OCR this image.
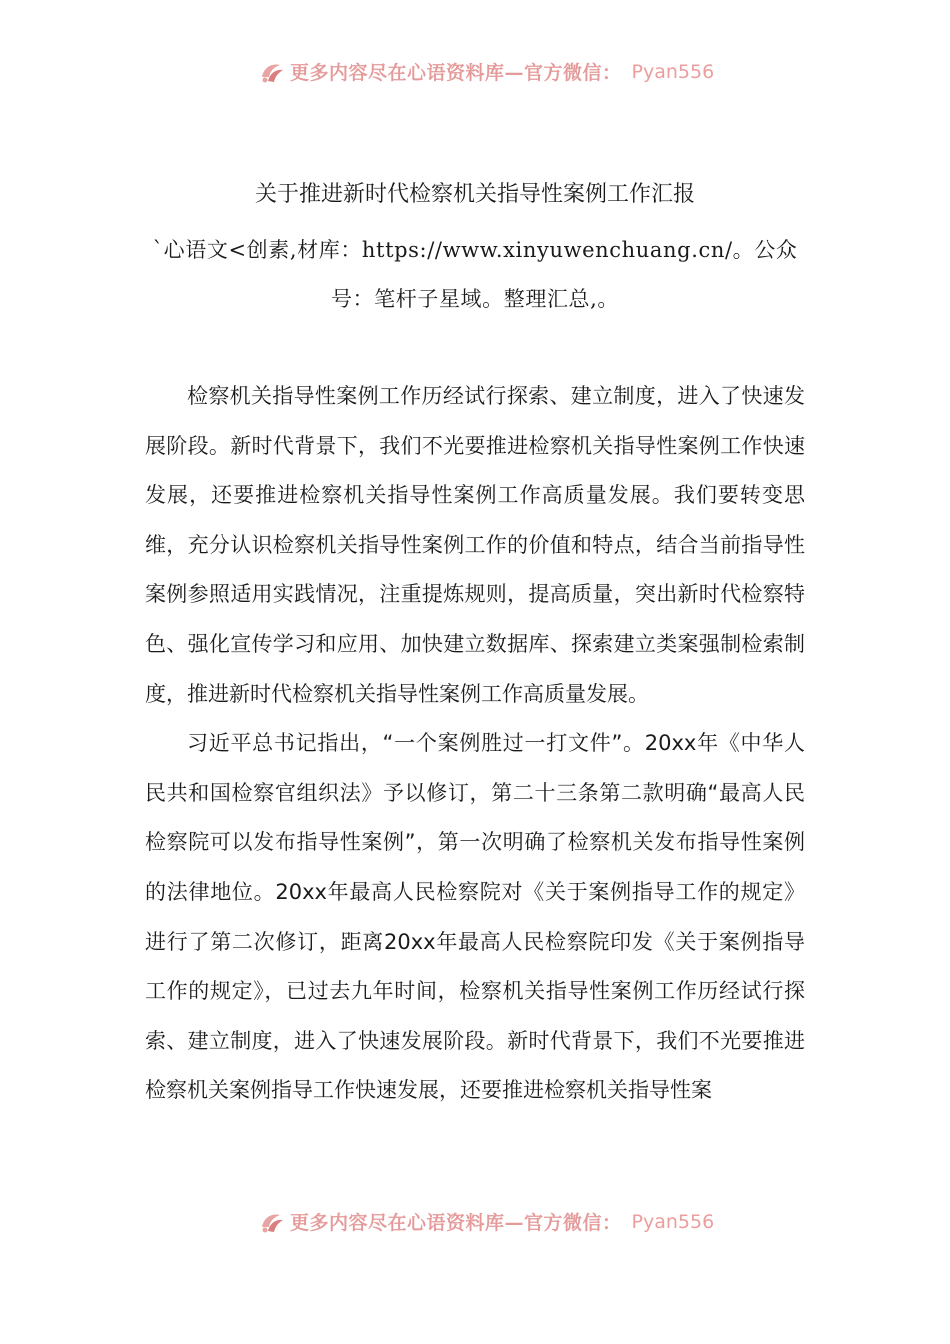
更多内容尽在心语资料库—官方微信： Pyan556
关于推进新时代检察机关指导性案例工作汇报
`心语文<创素,材库：https://www.xinyuwenchuang.cn/。公众号：笔杆子星域。整理汇总,。

检察机关指导性案例工作历经试行探索、建立制度，进入了快速发展阶段。新时代背景下，我们不光要推进检察机关指导性案例工作快速发展，还要推进检察机关指导性案例工作高质量发展。我们要转变思维，充分认识检察机关指导性案例工作的价值和特点，结合当前指导性案例参照适用实践情况，注重提炼规则，提高质量，突出新时代检察特色、强化宣传学习和应用、加快建立数据库、探索建立类案强制检索制度，推进新时代检察机关指导性案例工作高质量发展。

习近平总书记指出，“一个案例胜过一打文件”。20xx年《中华人民共和国检察官组织法》予以修订，第二十三条第二款明确“最高人民检察院可以发布指导性案例”，第一次明确了检察机关发布指导性案例的法律地位。20xx年最高人民检察院对《关于案例指导工作的规定》进行了第二次修订，距离20xx年最高人民检察院印发《关于案例指导工作的规定》，已过去九年时间，检察机关指导性案例工作历经试行探索、建立制度，进入了快速发展阶段。新时代背景下，我们不光要推进检察机关案例指导工作快速发展，还要推进检察机关指导性案

更多内容尽在心语资料库—官方微信： Pyan556
